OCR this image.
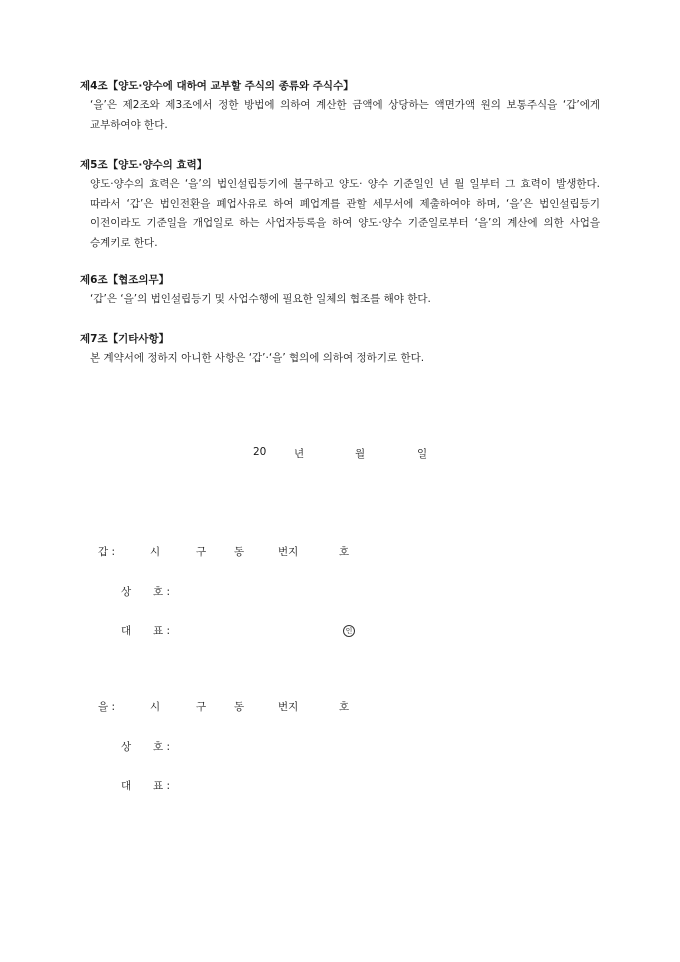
제4조【양도·양수에 대하여 교부할 주식의 종류와 주식수】

‘을’은 제2조와 제3조에서 정한 방법에 의하여 계산한 금액에 상당하는 액면가액 원의 보통주식을 ‘갑’에게 교부하여야 한다.

제5조【양도·양수의 효력】

양도·양수의 효력은 ‘을’의 법인설립등기에 불구하고 양도· 양수 기준일인 년 월 일부터 그 효력이 발생한다. 따라서 ‘갑’은 법인전환을 폐업사유로 하여 폐업계를 관할 세무서에 제출하여야 하며, ‘을’은 법인설립등기 이전이라도 기준일을 개업일로 하는 사업자등록을 하여 양도·양수 기준일로부터 ‘을’의 계산에 의한 사업을 승계키로 한다.

제6조【협조의무】

‘갑’은 ‘을’의 법인설립등기 및 사업수행에 필요한 일체의 협조를 해야 한다.

제7조【기타사항】

본 계약서에 정하지 아니한 사항은 ‘갑’·‘을’ 협의에 의하여 정하기로 한다.

20	년	월	일
갑 :	시	구	동	번지	호
상 호 :
대 표 :	인
을 :	시	구	동	번지	호
상 호 :
대 표 :
